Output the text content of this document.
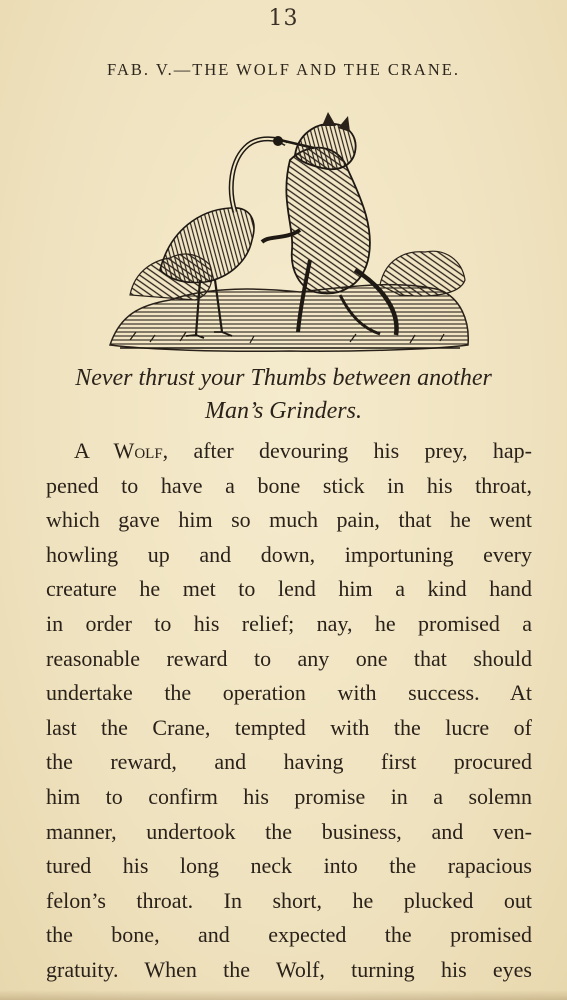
13
FAB. V.—THE WOLF AND THE CRANE.
Never thrust your Thumbs between another
Man’s Grinders.
A Wolf, after devouring his prey, hap-
pened to have a bone stick in his throat,
which gave him so much pain, that he went
howling up and down, importuning every
creature he met to lend him a kind hand
in order to his relief; nay, he promised a
reasonable reward to any one that should
undertake the operation with success. At
last the Crane, tempted with the lucre of
the reward, and having first procured
him to confirm his promise in a solemn
manner, undertook the business, and ven-
tured his long neck into the rapacious
felon’s throat. In short, he plucked out
the bone, and expected the promised
gratuity. When the Wolf, turning his eyes
